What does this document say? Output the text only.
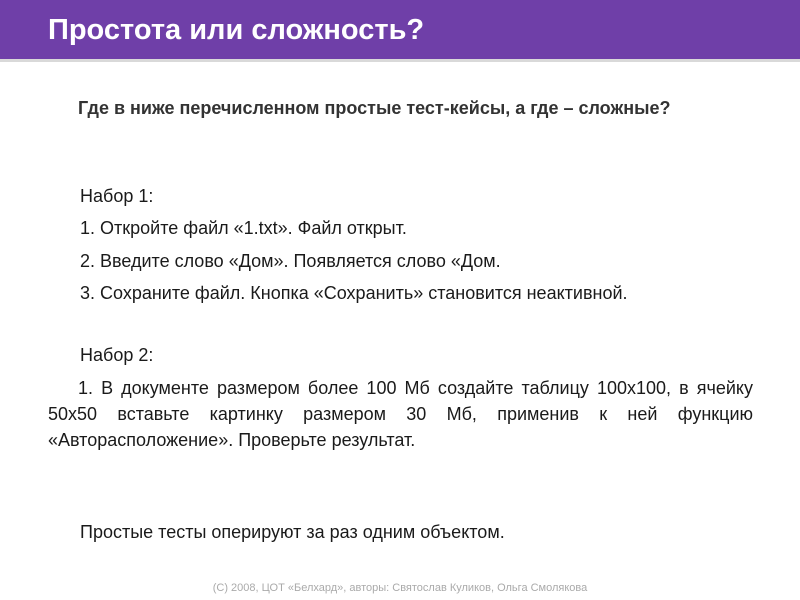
Простота или сложность?
Где в ниже перечисленном простые тест-кейсы, а где – сложные?
Набор 1:
1. Откройте файл «1.txt». Файл открыт.
2. Введите слово «Дом». Появляется слово «Дом.
3. Сохраните файл. Кнопка «Сохранить» становится неактивной.
Набор 2:
1. В документе размером более 100 Мб создайте таблицу 100х100, в ячейку 50х50 вставьте картинку размером 30 Мб, применив к ней функцию «Авторасположение». Проверьте результат.
Простые тесты оперируют за раз одним объектом.
(С) 2008, ЦОТ «Белхард», авторы: Святослав Куликов, Ольга Смолякова
